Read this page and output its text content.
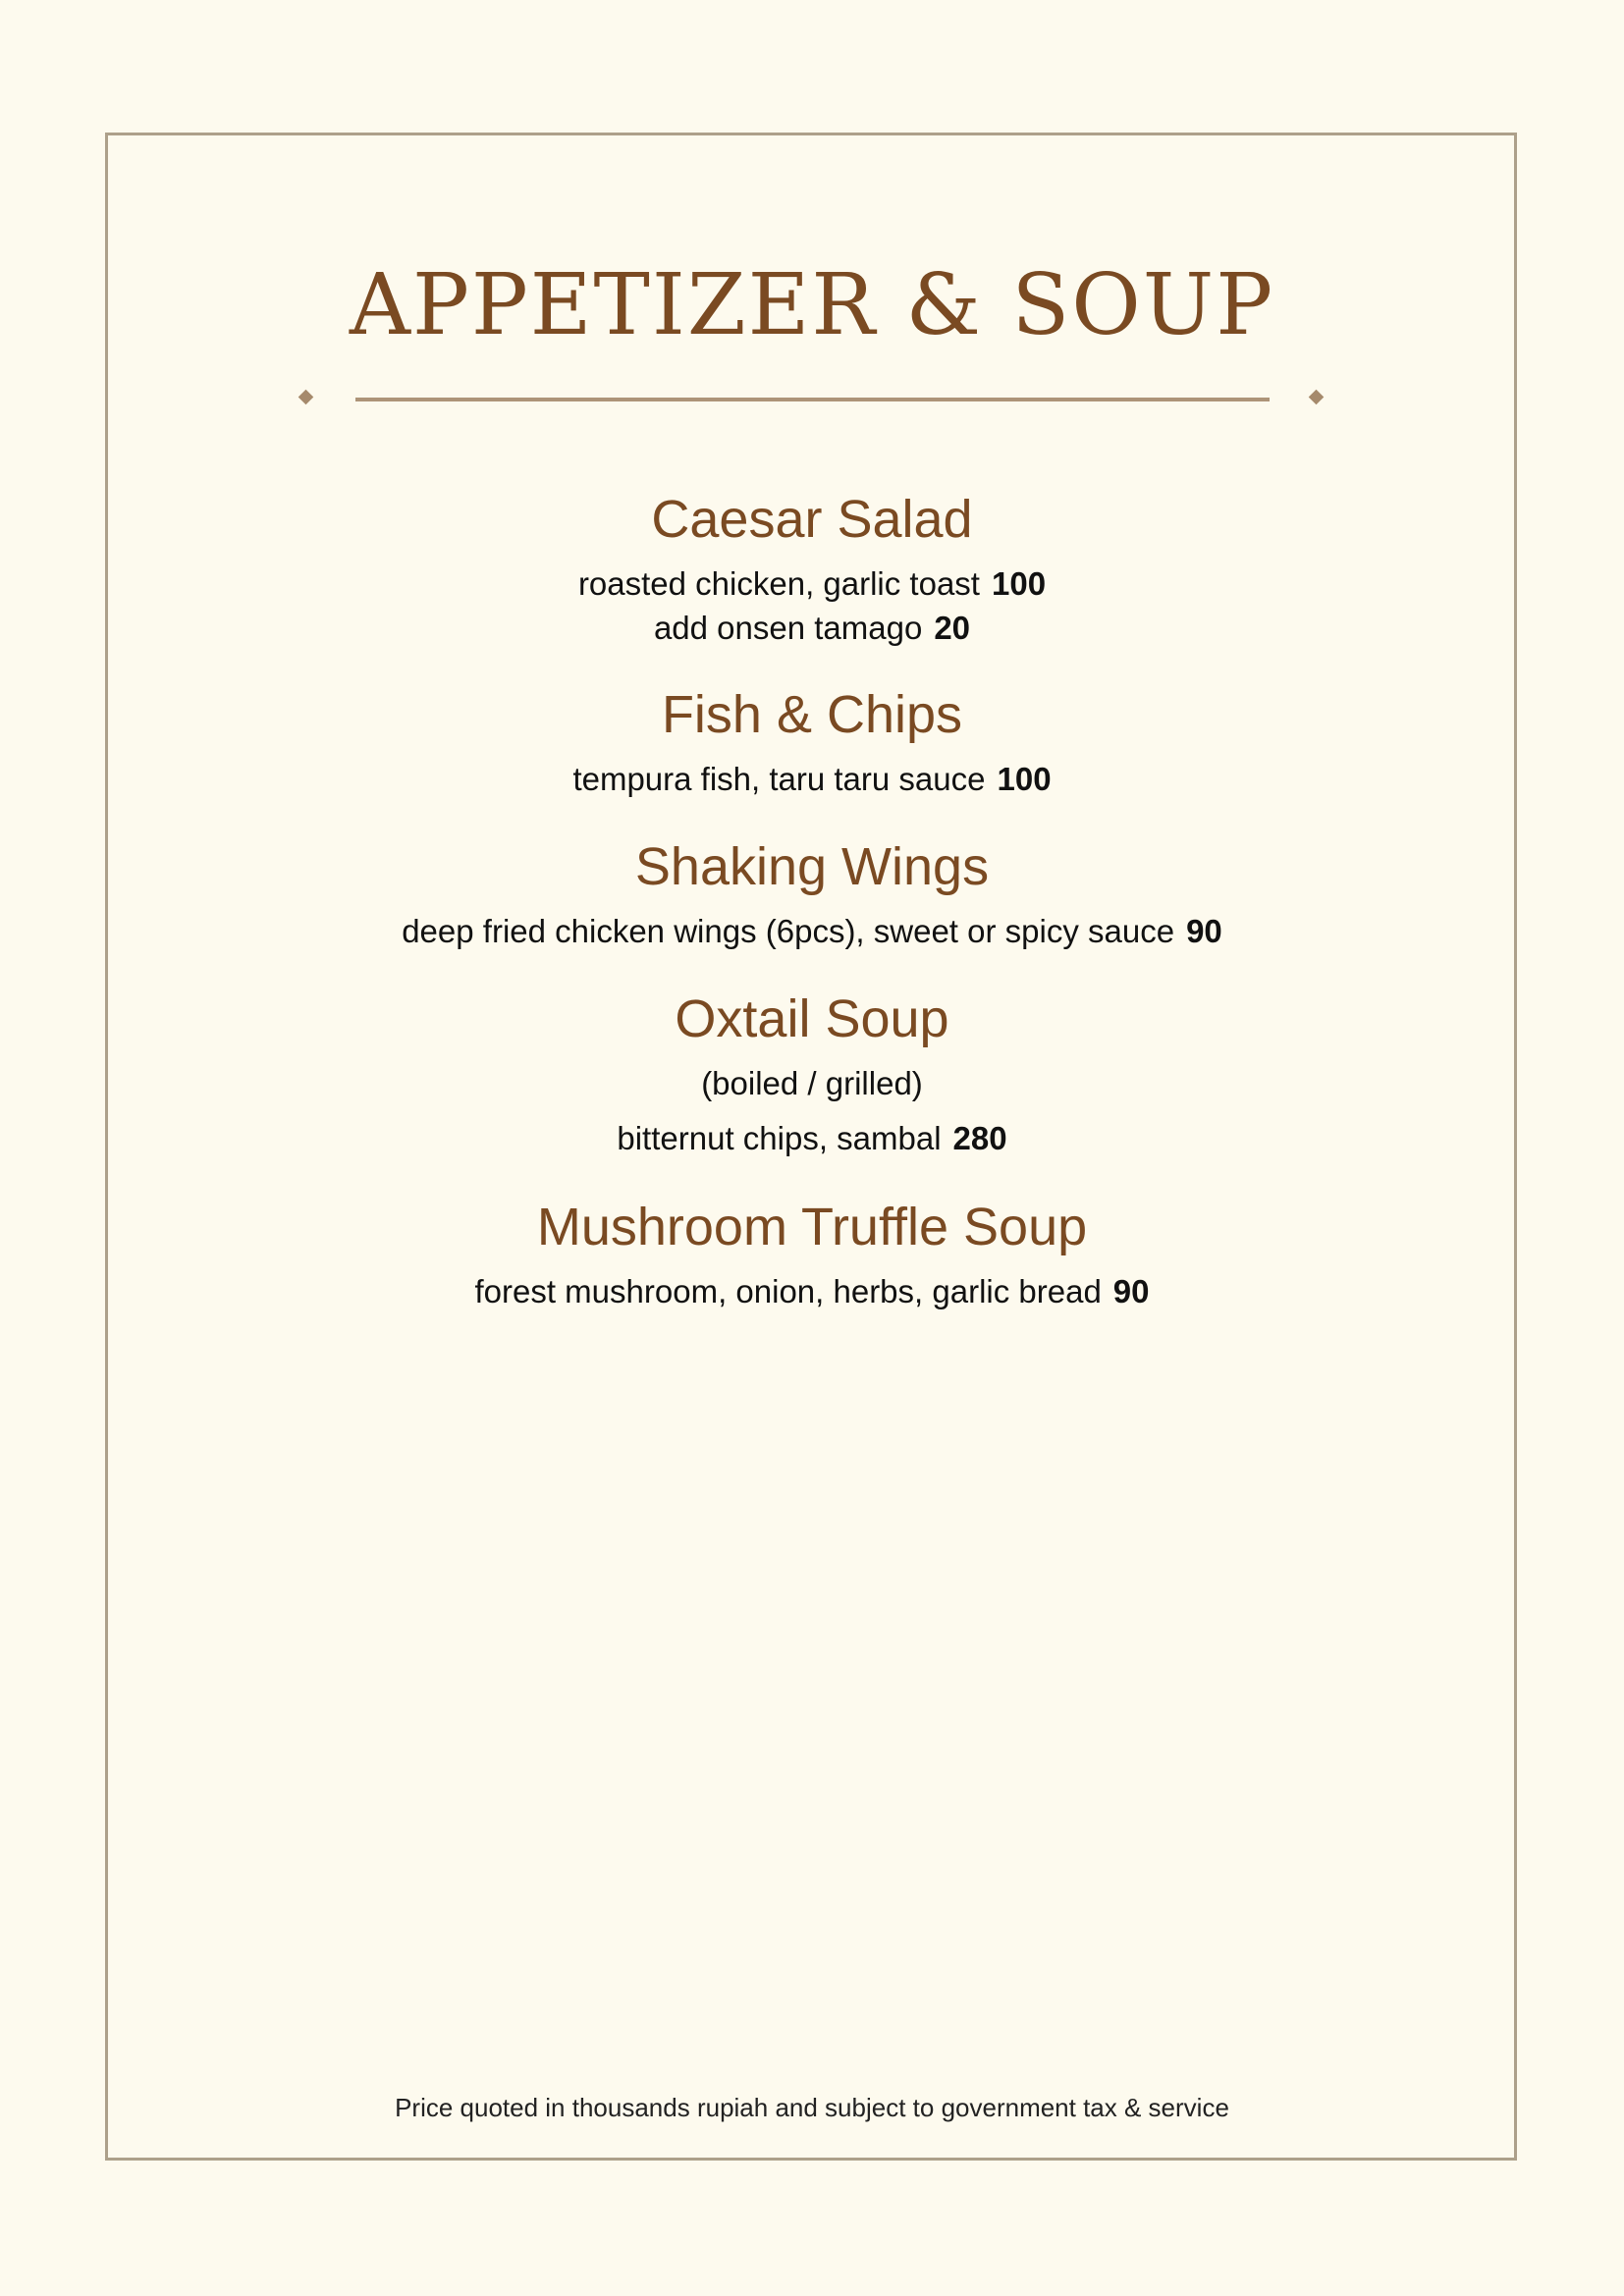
APPETIZER & SOUP
Caesar Salad
roasted chicken, garlic toast 100
add onsen tamago 20
Fish & Chips
tempura fish, taru taru sauce 100
Shaking Wings
deep fried chicken wings (6pcs), sweet or spicy sauce 90
Oxtail Soup
(boiled / grilled)
bitternut chips, sambal 280
Mushroom Truffle Soup
forest mushroom, onion, herbs, garlic bread 90
Price quoted in thousands rupiah and subject to government tax & service
